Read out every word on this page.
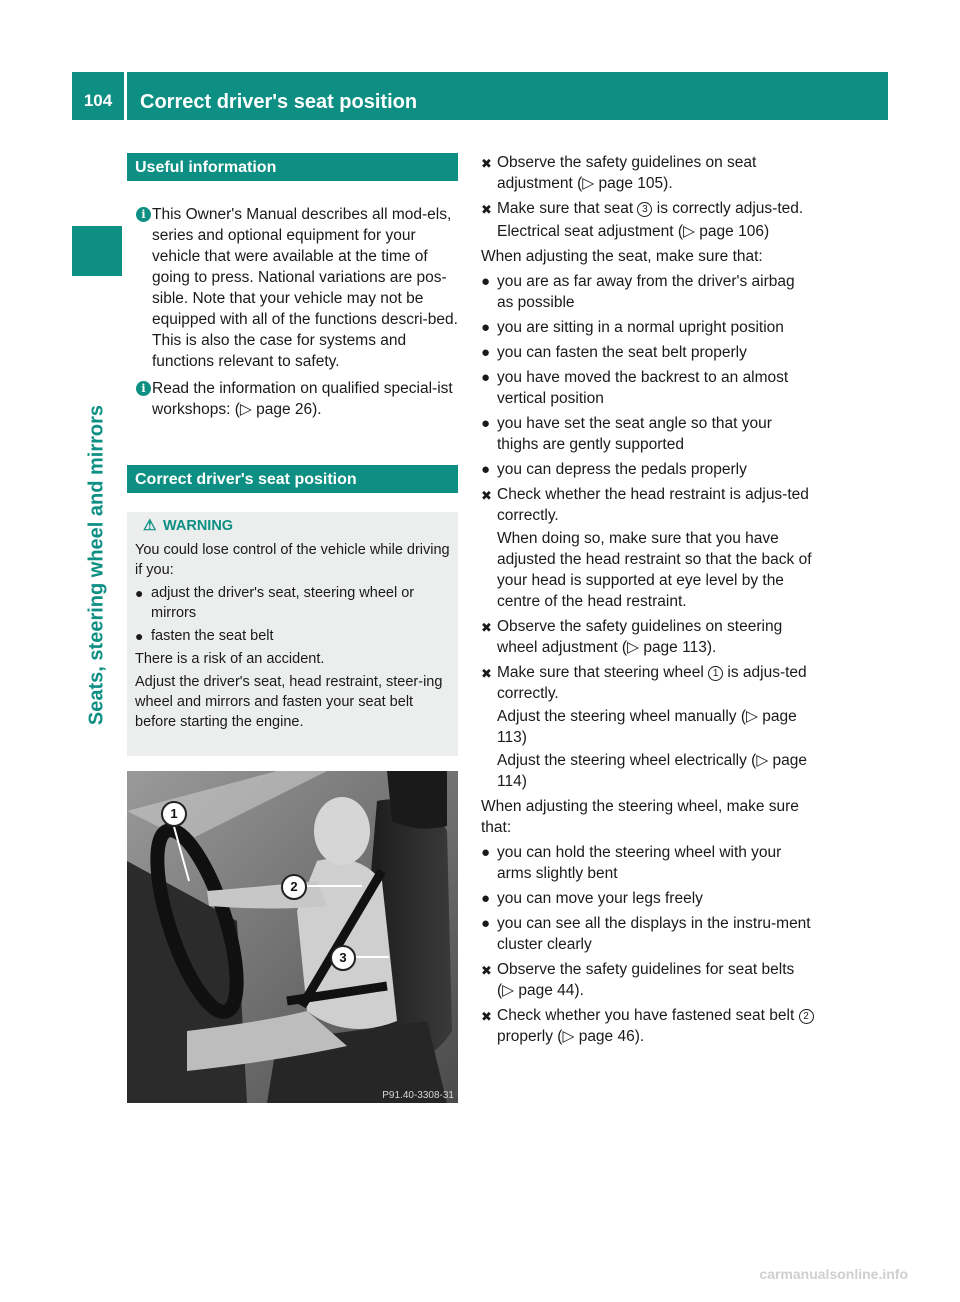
104	Correct driver's seat position
Seats, steering wheel and mirrors
Useful information
i This Owner's Manual describes all mod-els, series and optional equipment for your vehicle that were available at the time of going to press. National variations are pos-sible. Note that your vehicle may not be equipped with all of the functions descri-bed. This is also the case for systems and functions relevant to safety.
i Read the information on qualified special-ist workshops: (▷ page 26).
Correct driver's seat position
⚠ WARNING
You could lose control of the vehicle while driving if you:
● adjust the driver's seat, steering wheel or mirrors
● fasten the seat belt
There is a risk of an accident.
Adjust the driver's seat, head restraint, steer-ing wheel and mirrors and fasten your seat belt before starting the engine.
1
2
3
P91.40-3308-31
✖ Observe the safety guidelines on seat adjustment (▷ page 105).
✖ Make sure that seat 3 is correctly adjus-ted.
Electrical seat adjustment (▷ page 106)
When adjusting the seat, make sure that:
● you are as far away from the driver's airbag as possible
● you are sitting in a normal upright position
● you can fasten the seat belt properly
● you have moved the backrest to an almost vertical position
● you have set the seat angle so that your thighs are gently supported
● you can depress the pedals properly
✖ Check whether the head restraint is adjus-ted correctly.
When doing so, make sure that you have adjusted the head restraint so that the back of your head is supported at eye level by the centre of the head restraint.
✖ Observe the safety guidelines on steering wheel adjustment (▷ page 113).
✖ Make sure that steering wheel 1 is adjus-ted correctly.
Adjust the steering wheel manually (▷ page 113)
Adjust the steering wheel electrically (▷ page 114)
When adjusting the steering wheel, make sure that:
● you can hold the steering wheel with your arms slightly bent
● you can move your legs freely
● you can see all the displays in the instru-ment cluster clearly
✖ Observe the safety guidelines for seat belts (▷ page 44).
✖ Check whether you have fastened seat belt 2 properly (▷ page 46).
carmanualsonline.info
